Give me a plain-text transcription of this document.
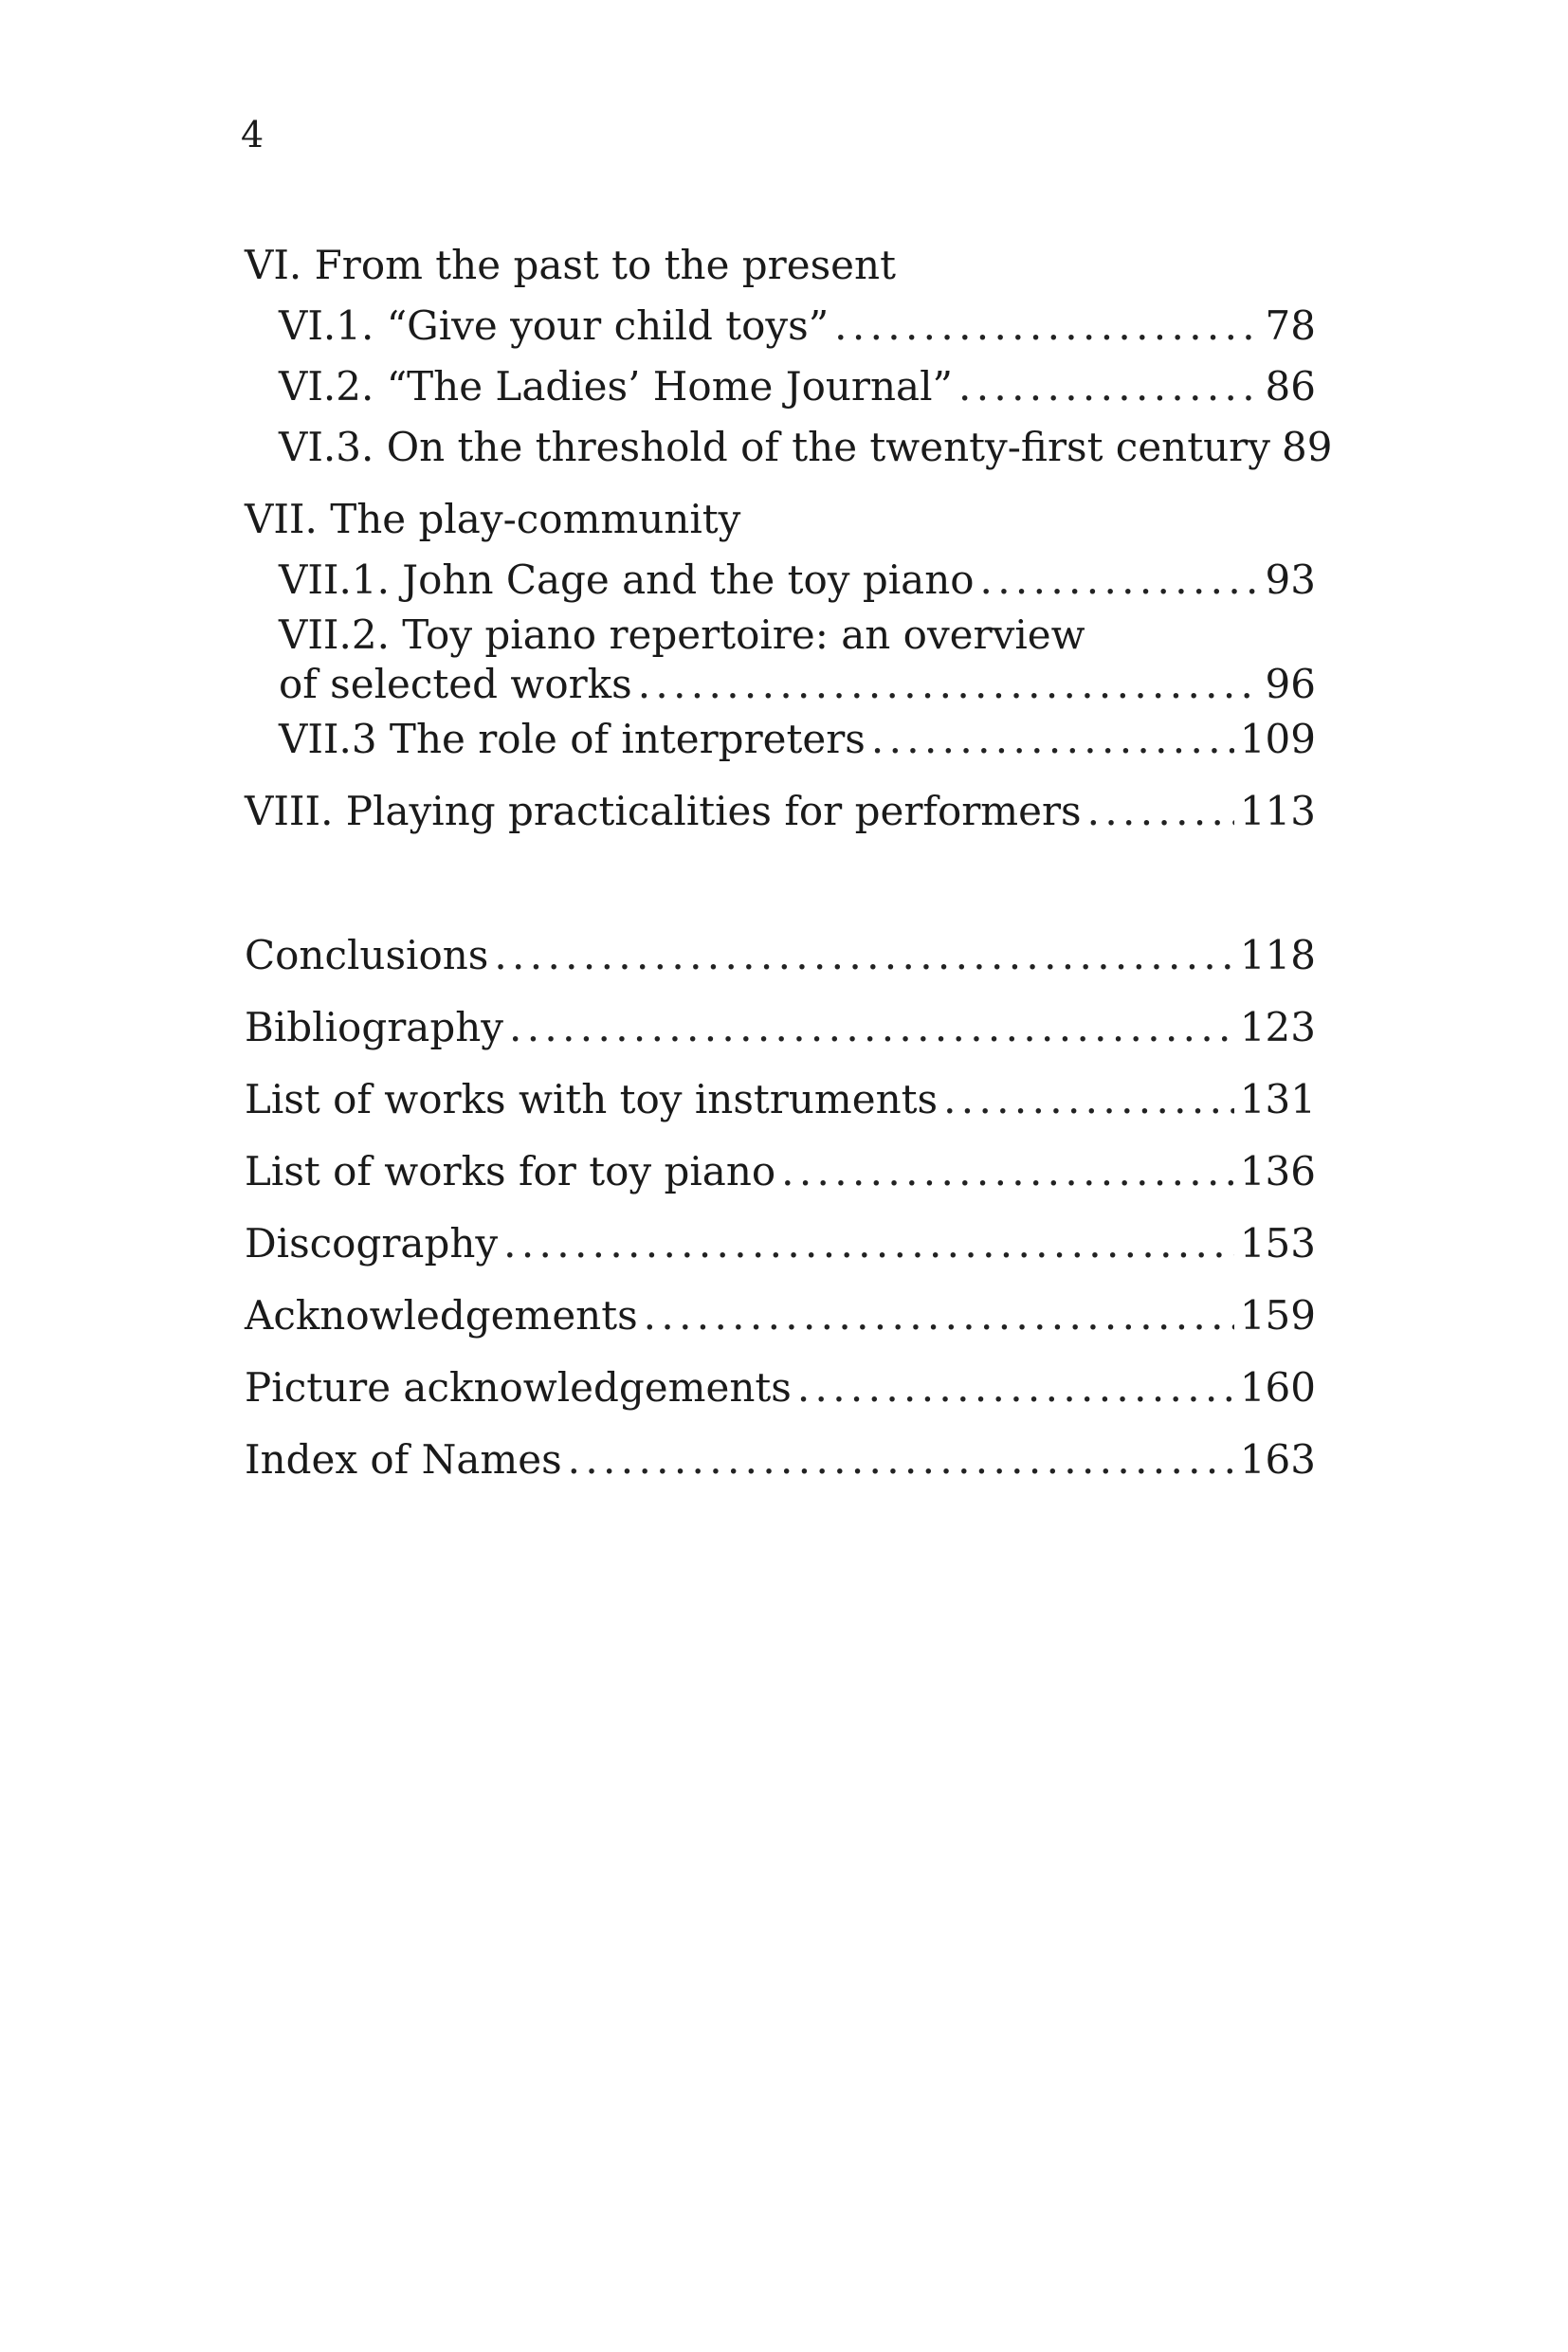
4
VI. From the past to the present
VI.1. “Give your child toys” . . .	78
VI.2. “The Ladies’ Home Journal” . . .	86
VI.3. On the threshold of the twenty-first century 89
VII. The play-community
VII.1. John Cage and the toy piano . . .	93
VII.2. Toy piano repertoire: an overview
of selected works . . .	96
VII.3 The role of interpreters . . .	109
VIII. Playing practicalities for performers . . .	113
Conclusions . . .	118
Bibliography . . .	123
List of works with toy instruments . . .	131
List of works for toy piano . . .	136
Discography . . .	153
Acknowledgements . . .	159
Picture acknowledgements . . .	160
Index of Names . . .	163
